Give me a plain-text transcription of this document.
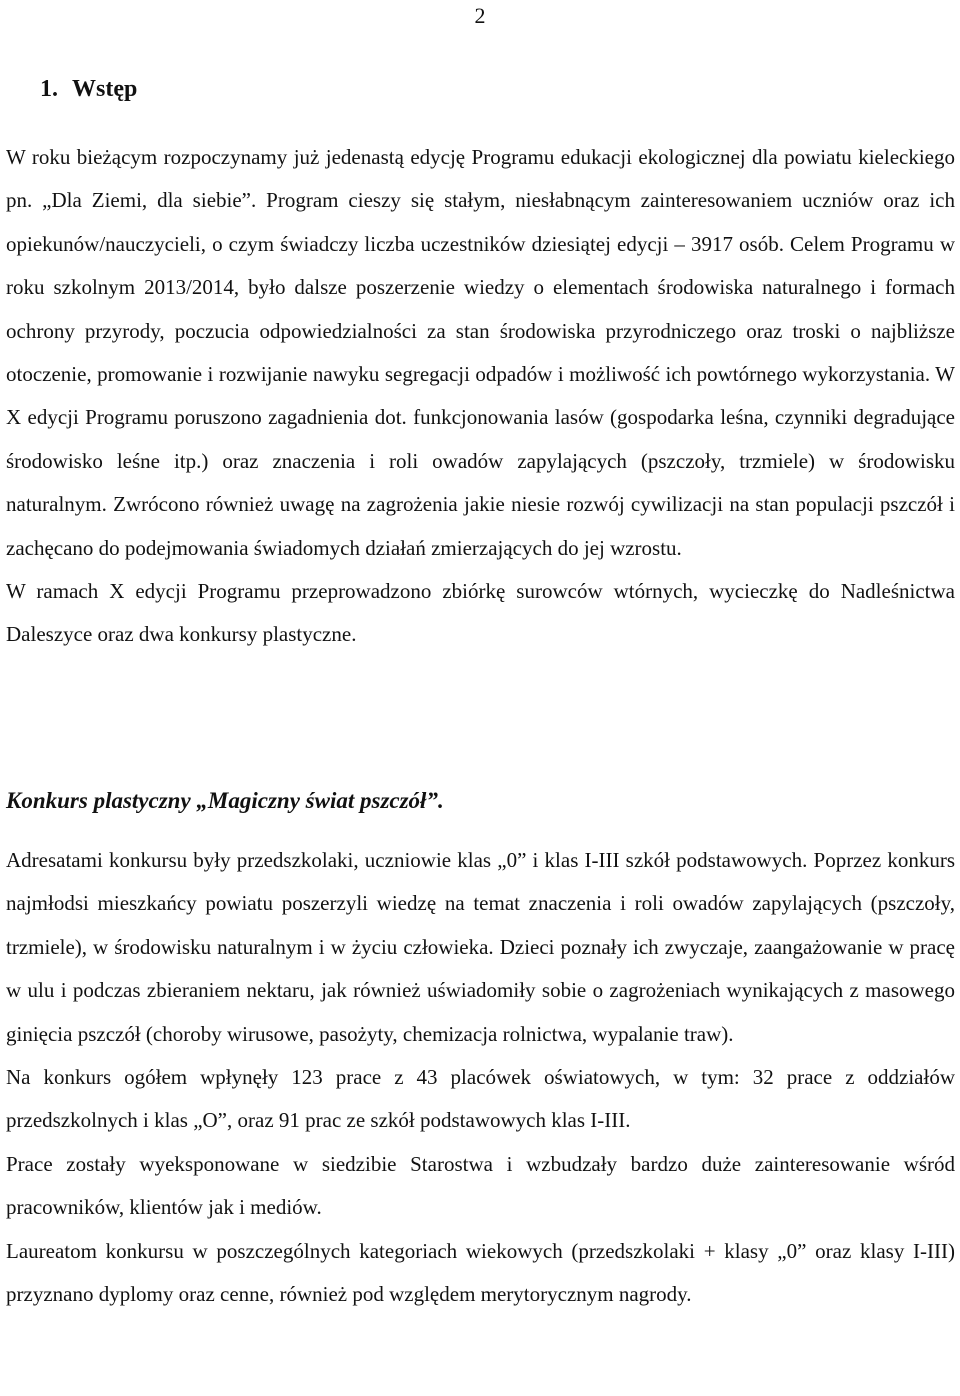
2
1. Wstęp

W roku bieżącym rozpoczynamy już jedenastą edycję Programu edukacji ekologicznej dla powiatu kieleckiego pn. „Dla Ziemi, dla siebie”. Program cieszy się stałym, niesłabnącym zainteresowaniem uczniów oraz ich opiekunów/nauczycieli, o czym świadczy liczba uczestników dziesiątej edycji – 3917 osób. Celem Programu w roku szkolnym 2013/2014, było dalsze poszerzenie wiedzy o elementach środowiska naturalnego i formach ochrony przyrody, poczucia odpowiedzialności za stan środowiska przyrodniczego oraz troski o najbliższe otoczenie, promowanie i rozwijanie nawyku segregacji odpadów i możliwość ich powtórnego wykorzystania. W X edycji Programu poruszono zagadnienia dot. funkcjonowania lasów (gospodarka leśna, czynniki degradujące środowisko leśne itp.) oraz znaczenia i roli owadów zapylających (pszczoły, trzmiele) w środowisku naturalnym. Zwrócono również uwagę na zagrożenia jakie niesie rozwój cywilizacji na stan populacji pszczół i zachęcano do podejmowania świadomych działań zmierzających do jej wzrostu.

W ramach X edycji Programu przeprowadzono zbiórkę surowców wtórnych, wycieczkę do Nadleśnictwa Daleszyce oraz dwa konkursy plastyczne.

Konkurs plastyczny „Magiczny świat pszczół”.

Adresatami konkursu były przedszkolaki, uczniowie klas „0” i klas I-III szkół podstawowych. Poprzez konkurs najmłodsi mieszkańcy powiatu poszerzyli wiedzę na temat znaczenia i roli owadów zapylających (pszczoły, trzmiele), w środowisku naturalnym i w życiu człowieka. Dzieci poznały ich zwyczaje, zaangażowanie w pracę w ulu i podczas zbieraniem nektaru, jak również uświadomiły sobie o zagrożeniach wynikających z masowego ginięcia pszczół (choroby wirusowe, pasożyty, chemizacja rolnictwa, wypalanie traw).

Na konkurs ogółem wpłynęły 123 prace z 43 placówek oświatowych, w tym: 32 prace z oddziałów przedszkolnych i klas „O”, oraz 91 prac ze szkół podstawowych klas I-III.

Prace zostały wyeksponowane w siedzibie Starostwa i wzbudzały bardzo duże zainteresowanie wśród pracowników, klientów jak i mediów.

Laureatom konkursu w poszczególnych kategoriach wiekowych (przedszkolaki + klasy „0” oraz klasy I-III) przyznano dyplomy oraz cenne, również pod względem merytorycznym nagrody.
